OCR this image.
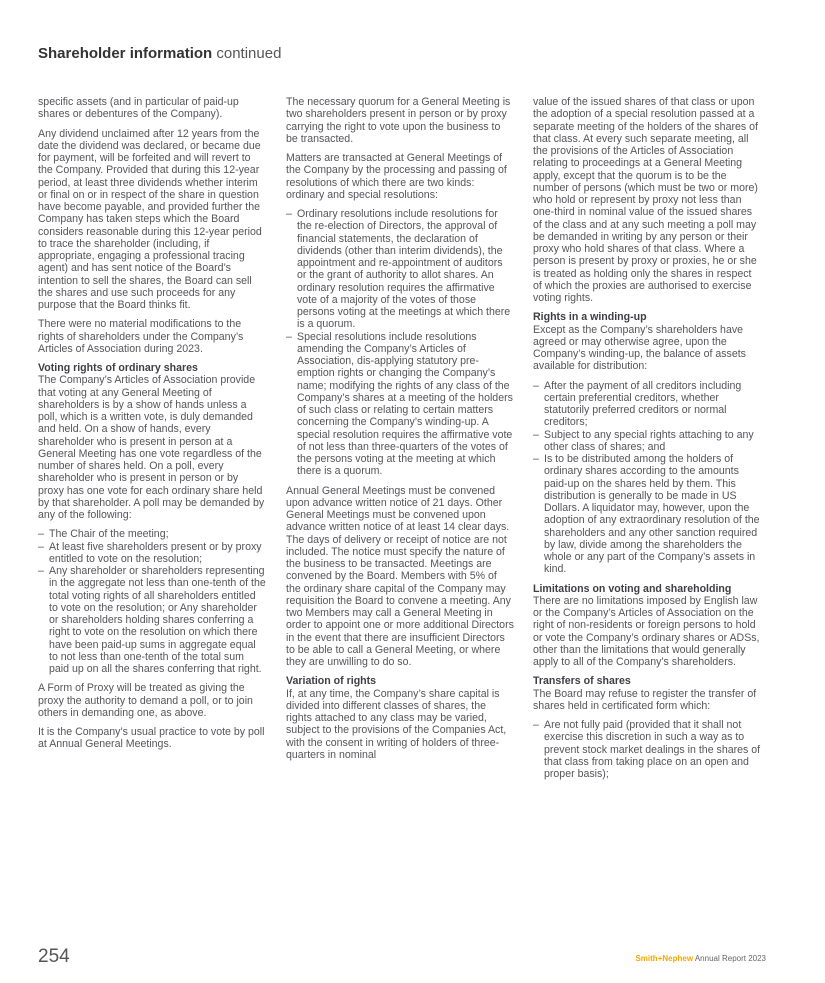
Shareholder information continued

specific assets (and in particular of paid-up shares or debentures of the Company).

Any dividend unclaimed after 12 years from the date the dividend was declared, or became due for payment, will be forfeited and will revert to the Company. Provided that during this 12-year period, at least three dividends whether interim or final on or in respect of the share in question have become payable, and provided further the Company has taken steps which the Board considers reasonable during this 12-year period to trace the shareholder (including, if appropriate, engaging a professional tracing agent) and has sent notice of the Board’s intention to sell the shares, the Board can sell the shares and use such proceeds for any purpose that the Board thinks fit.

There were no material modifications to the rights of shareholders under the Company’s Articles of Association during 2023.

Voting rights of ordinary shares

The Company’s Articles of Association provide that voting at any General Meeting of shareholders is by a show of hands unless a poll, which is a written vote, is duly demanded and held. On a show of hands, every shareholder who is present in person at a General Meeting has one vote regardless of the number of shares held. On a poll, every shareholder who is present in person or by proxy has one vote for each ordinary share held by that shareholder. A poll may be demanded by any of the following:

– The Chair of the meeting;
– At least five shareholders present or by proxy entitled to vote on the resolution;
– Any shareholder or shareholders representing in the aggregate not less than one-tenth of the total voting rights of all shareholders entitled to vote on the resolution; or Any shareholder or shareholders holding shares conferring a right to vote on the resolution on which there have been paid-up sums in aggregate equal to not less than one-tenth of the total sum paid up on all the shares conferring that right.

A Form of Proxy will be treated as giving the proxy the authority to demand a poll, or to join others in demanding one, as above.

It is the Company’s usual practice to vote by poll at Annual General Meetings.

The necessary quorum for a General Meeting is two shareholders present in person or by proxy carrying the right to vote upon the business to be transacted.

Matters are transacted at General Meetings of the Company by the processing and passing of resolutions of which there are two kinds: ordinary and special resolutions:

– Ordinary resolutions include resolutions for the re-election of Directors, the approval of financial statements, the declaration of dividends (other than interim dividends), the appointment and re-appointment of auditors or the grant of authority to allot shares. An ordinary resolution requires the affirmative vote of a majority of the votes of those persons voting at the meetings at which there is a quorum.
– Special resolutions include resolutions amending the Company’s Articles of Association, dis-applying statutory pre-emption rights or changing the Company’s name; modifying the rights of any class of the Company’s shares at a meeting of the holders of such class or relating to certain matters concerning the Company’s winding-up. A special resolution requires the affirmative vote of not less than three-quarters of the votes of the persons voting at the meeting at which there is a quorum.

Annual General Meetings must be convened upon advance written notice of 21 days. Other General Meetings must be convened upon advance written notice of at least 14 clear days. The days of delivery or receipt of notice are not included. The notice must specify the nature of the business to be transacted. Meetings are convened by the Board. Members with 5% of the ordinary share capital of the Company may requisition the Board to convene a meeting. Any two Members may call a General Meeting in order to appoint one or more additional Directors in the event that there are insufficient Directors to be able to call a General Meeting, or where they are unwilling to do so.

Variation of rights

If, at any time, the Company’s share capital is divided into different classes of shares, the rights attached to any class may be varied, subject to the provisions of the Companies Act, with the consent in writing of holders of three-quarters in nominal

value of the issued shares of that class or upon the adoption of a special resolution passed at a separate meeting of the holders of the shares of that class. At every such separate meeting, all the provisions of the Articles of Association relating to proceedings at a General Meeting apply, except that the quorum is to be the number of persons (which must be two or more) who hold or represent by proxy not less than one-third in nominal value of the issued shares of the class and at any such meeting a poll may be demanded in writing by any person or their proxy who hold shares of that class. Where a person is present by proxy or proxies, he or she is treated as holding only the shares in respect of which the proxies are authorised to exercise voting rights.

Rights in a winding-up

Except as the Company’s shareholders have agreed or may otherwise agree, upon the Company’s winding-up, the balance of assets available for distribution:

– After the payment of all creditors including certain preferential creditors, whether statutorily preferred creditors or normal creditors;
– Subject to any special rights attaching to any other class of shares; and
– Is to be distributed among the holders of ordinary shares according to the amounts paid-up on the shares held by them. This distribution is generally to be made in US Dollars. A liquidator may, however, upon the adoption of any extraordinary resolution of the shareholders and any other sanction required by law, divide among the shareholders the whole or any part of the Company’s assets in kind.
Limitations on voting and shareholding

There are no limitations imposed by English law or the Company’s Articles of Association on the right of non-residents or foreign persons to hold or vote the Company’s ordinary shares or ADSs, other than the limitations that would generally apply to all of the Company’s shareholders.

Transfers of shares

The Board may refuse to register the transfer of shares held in certificated form which:

– Are not fully paid (provided that it shall not exercise this discretion in such a way as to prevent stock market dealings in the shares of that class from taking place on an open and proper basis);
254	Smith+Nephew Annual Report 2023
